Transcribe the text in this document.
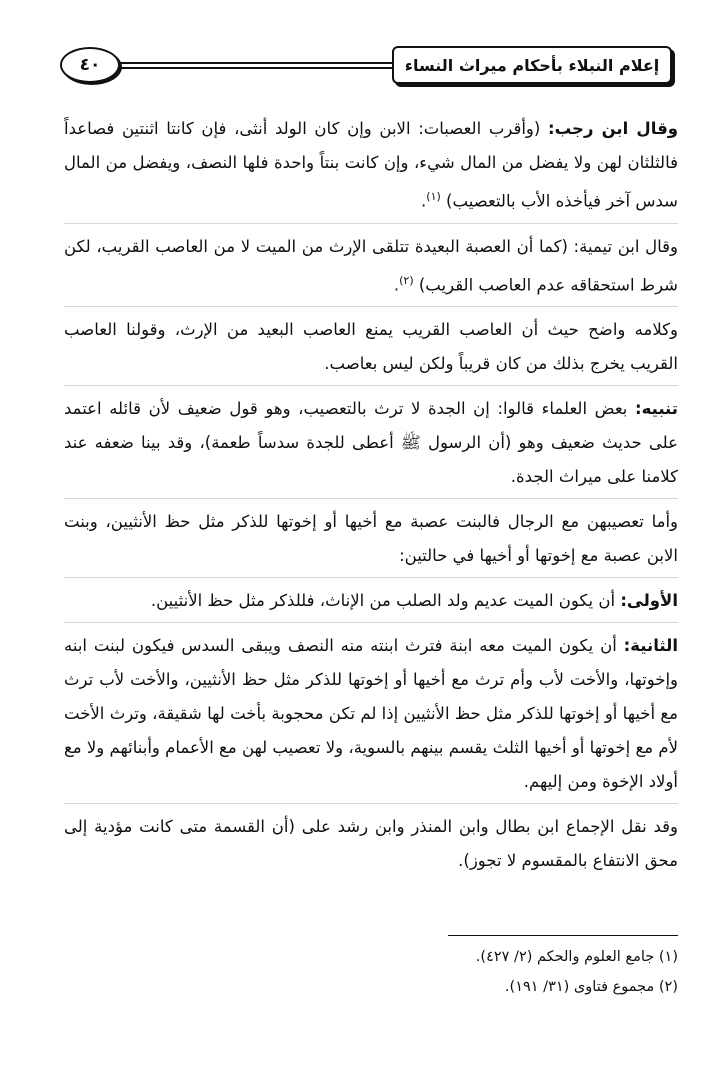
إعلام النبلاء بأحكام ميراث النساء
٤٠

وقال ابن رجب: (وأقرب العصبات: الابن وإن كان الولد أنثى، فإن كانتا اثنتين فصاعداً فالثلثان لهن ولا يفضل من المال شيء، وإن كانت بنتاً واحدة فلها النصف، ويفضل من المال سدس آخر فيأخذه الأب بالتعصيب) $^{(١)}$.

وقال ابن تيمية: (كما أن العصبة البعيدة تتلقى الإرث من الميت لا من العاصب القريب، لكن شرط استحقاقه عدم العاصب القريب) $^{(٢)}$.

وكلامه واضح حيث أن العاصب القريب يمنع العاصب البعيد من الإرث، وقولنا العاصب القريب يخرج بذلك من كان قريباً ولكن ليس بعاصب.

تنبيه: بعض العلماء قالوا: إن الجدة لا ترث بالتعصيب، وهو قول ضعيف لأن قائله اعتمد على حديث ضعيف وهو (أن الرسول ﷺ أعطى للجدة سدساً طعمة)، وقد بينا ضعفه عند كلامنا على ميراث الجدة.

وأما تعصيبهن مع الرجال فالبنت عصبة مع أخيها أو إخوتها للذكر مثل حظ الأنثيين، وبنت الابن عصبة مع إخوتها أو أخيها في حالتين:

الأولى: أن يكون الميت عديم ولد الصلب من الإناث، فللذكر مثل حظ الأنثيين.

الثانية: أن يكون الميت معه ابنة فترث ابنته منه النصف ويبقى السدس فيكون لبنت ابنه وإخوتها، والأخت لأب وأم ترث مع أخيها أو إخوتها للذكر مثل حظ الأنثيين، والأخت لأب ترث مع أخيها أو إخوتها للذكر مثل حظ الأنثيين إذا لم تكن محجوبة بأخت لها شقيقة، وترث الأخت لأم مع إخوتها أو أخيها الثلث يقسم بينهم بالسوية، ولا تعصيب لهن مع الأعمام وأبنائهم ولا مع أولاد الإخوة ومن إليهم.

وقد نقل الإجماع ابن بطال وابن المنذر وابن رشد على (أن القسمة متى كانت مؤدية إلى محق الانتفاع بالمقسوم لا تجوز).

(١) جامع العلوم والحكم (٢/ ٤٢٧).
(٢) مجموع فتاوى (٣١/ ١٩١).
